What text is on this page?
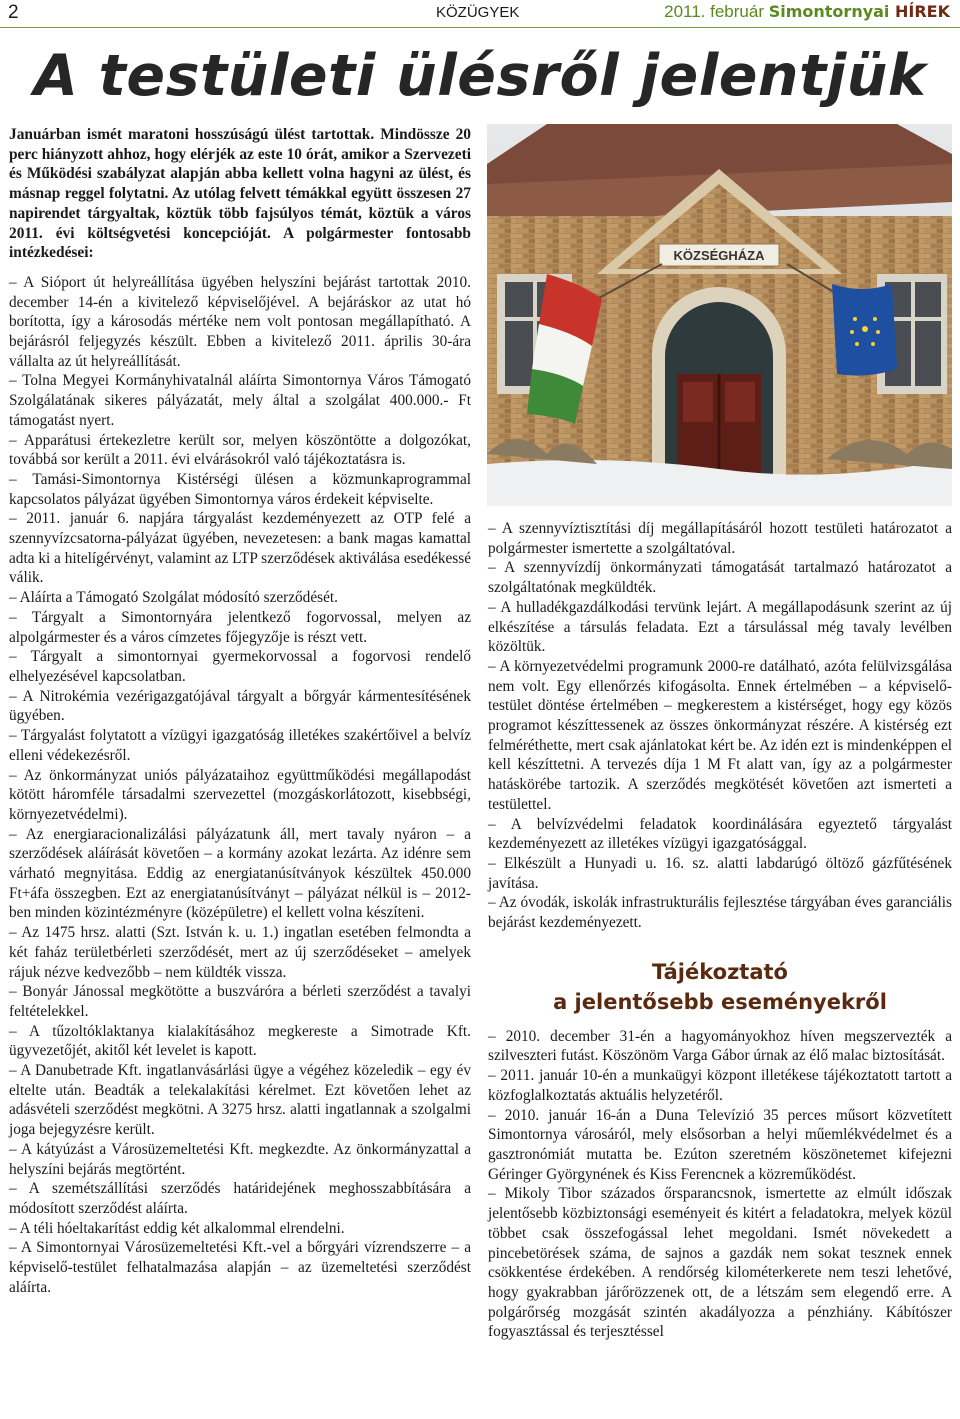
2	KÖZÜGYEK	2011. február Simontornyai HÍREK
A testületi ülésről jelentjük

Januárban ismét maratoni hosszúságú ülést tartottak. Mindössze 20 perc hiányzott ahhoz, hogy elérjék az este 10 órát, amikor a Szervezeti és Működési szabályzat alapján abba kellett volna hagyni az ülést, és másnap reggel folytatni. Az utólag felvett témákkal együtt összesen 27 napirendet tárgyaltak, köztük több fajsúlyos témát, köztük a város 2011. évi költségvetési koncepcióját. A polgármester fontosabb intézkedései:

– A Sióport út helyreállítása ügyében helyszíni bejárást tartottak 2010. december 14-én a kivitelező képviselőjével. A bejáráskor az utat hó borította, így a károsodás mértéke nem volt pontosan megállapítható. A bejárásról feljegyzés készült. Ebben a kivitelező 2011. április 30-ára vállalta az út helyreállítását.

– Tolna Megyei Kormányhivatalnál aláírta Simontornya Város Támogató Szolgálatának sikeres pályázatát, mely által a szolgálat 400.000.- Ft támogatást nyert.

– Apparátusi értekezletre került sor, melyen köszöntötte a dolgozókat, továbbá sor került a 2011. évi elvárásokról való tájékoztatásra is.

– Tamási-Simontornya Kistérségi ülésen a közmunkaprogrammal kapcsolatos pályázat ügyében Simontornya város érdekeit képviselte.

– 2011. január 6. napjára tárgyalást kezdeményezett az OTP felé a szennyvízcsatorna-pályázat ügyében, nevezetesen: a bank magas kamattal adta ki a hitelígérvényt, valamint az LTP szerződések aktiválása esedékessé válik.

– Aláírta a Támogató Szolgálat módosító szerződését.

– Tárgyalt a Simontornyára jelentkező fogorvossal, melyen az alpolgármester és a város címzetes főjegyzője is részt vett.

– Tárgyalt a simontornyai gyermekorvossal a fogorvosi rendelő elhelyezésével kapcsolatban.

– A Nitrokémia vezérigazgatójával tárgyalt a bőrgyár kármentesítésének ügyében.

– Tárgyalást folytatott a vízügyi igazgatóság illetékes szakértőivel a belvíz elleni védekezésről.

– Az önkormányzat uniós pályázataihoz együttműködési megállapodást kötött háromféle társadalmi szervezettel (mozgáskorlátozott, kisebbségi, környezetvédelmi).

– Az energiaracionalizálási pályázatunk áll, mert tavaly nyáron – a szerződések aláírását követően – a kormány azokat lezárta. Az idénre sem várható megnyitása. Eddig az energiatanúsítványok készültek 450.000 Ft+áfa összegben. Ezt az energiatanúsítványt – pályázat nélkül is – 2012-ben minden közintézményre (középületre) el kellett volna készíteni.

– Az 1475 hrsz. alatti (Szt. István k. u. 1.) ingatlan esetében felmondta a két faház területbérleti szerződését, mert az új szerződéseket – amelyek rájuk nézve kedvezőbb – nem küldték vissza.

– Bonyár Jánossal megkötötte a buszváróra a bérleti szerződést a tavalyi feltételekkel.

– A tűzoltóklaktanya kialakításához megkereste a Simotrade Kft. ügyvezetőjét, akitől két levelet is kapott.

– A Danubetrade Kft. ingatlanvásárlási ügye a végéhez közeledik – egy év eltelte után. Beadták a telekalakítási kérelmet. Ezt követően lehet az adásvételi szerződést megkötni. A 3275 hrsz. alatti ingatlannak a szolgalmi joga bejegyzésre került.

– A kátyúzást a Városüzemeltetési Kft. megkezdte. Az önkormányzattal a helyszíni bejárás megtörtént.

– A szemétszállítási szerződés határidejének meghosszabbítására a módosított szerződést aláírta.

– A téli hóeltakarítást eddig két alkalommal elrendelni.

– A Simontornyai Városüzemeltetési Kft.-vel a bőrgyári vízrendszerre – a képviselő-testület felhatalmazása alapján – az üzemeltetési szerződést aláírta.

KÖZSÉGHÁZA

– A szennyvíztisztítási díj megállapításáról hozott testületi határozatot a polgármester ismertette a szolgáltatóval.

– A szennyvízdíj önkormányzati támogatását tartalmazó határozatot a szolgáltatónak megküldték.

– A hulladékgazdálkodási tervünk lejárt. A megállapodásunk szerint az új elkészítése a társulás feladata. Ezt a társulással még tavaly levélben közöltük.

– A környezetvédelmi programunk 2000-re datálható, azóta felülvizsgálása nem volt. Egy ellenőrzés kifogásolta. Ennek értelmében – a képviselő-testület döntése értelmében – megkerestem a kistérséget, hogy egy közös programot készíttessenek az összes önkormányzat részére. A kistérség ezt felméréthette, mert csak ajánlatokat kért be. Az idén ezt is mindenképpen el kell készíttetni. A tervezés díja 1 M Ft alatt van, így az a polgármester hatáskörébe tartozik. A szerződés megkötését követően azt ismerteti a testülettel.

– A belvízvédelmi feladatok koordinálására egyeztető tárgyalást kezdeményezett az illetékes vízügyi igazgatósággal.

– Elkészült a Hunyadi u. 16. sz. alatti labdarúgó öltöző gázfűtésének javítása.

– Az óvodák, iskolák infrastrukturális fejlesztése tárgyában éves garanciális bejárást kezdeményezett.

Tájékoztató
a jelentősebb eseményekről

– 2010. december 31-én a hagyományokhoz híven megszervezték a szilveszteri futást. Köszönöm Varga Gábor úrnak az élő malac biztosítását.

– 2011. január 10-én a munkaügyi központ illetékese tájékoztatott tartott a közfoglalkoztatás aktuális helyzetéről.

– 2010. január 16-án a Duna Televízió 35 perces műsort közvetített Simontornya városáról, mely elsősorban a helyi műemlékvédelmet és a gasztronómiát mutatta be. Ezúton szeretném köszönetemet kifejezni Géringer Györgynének és Kiss Ferencnek a közreműködést.

– Mikoly Tibor százados őrsparancsnok, ismertette az elmúlt időszak jelentősebb közbiztonsági eseményeit és kitért a feladatokra, melyek közül többet csak összefogással lehet megoldani. Ismét növekedett a pincebetörések száma, de sajnos a gazdák nem sokat tesznek ennek csökkentése érdekében. A rendőrség kilométerkerete nem teszi lehetővé, hogy gyakrabban járőrözzenek ott, de a létszám sem elegendő erre. A polgárőrség mozgását szintén akadályozza a pénzhiány. Kábítószer fogyasztással és terjesztéssel
